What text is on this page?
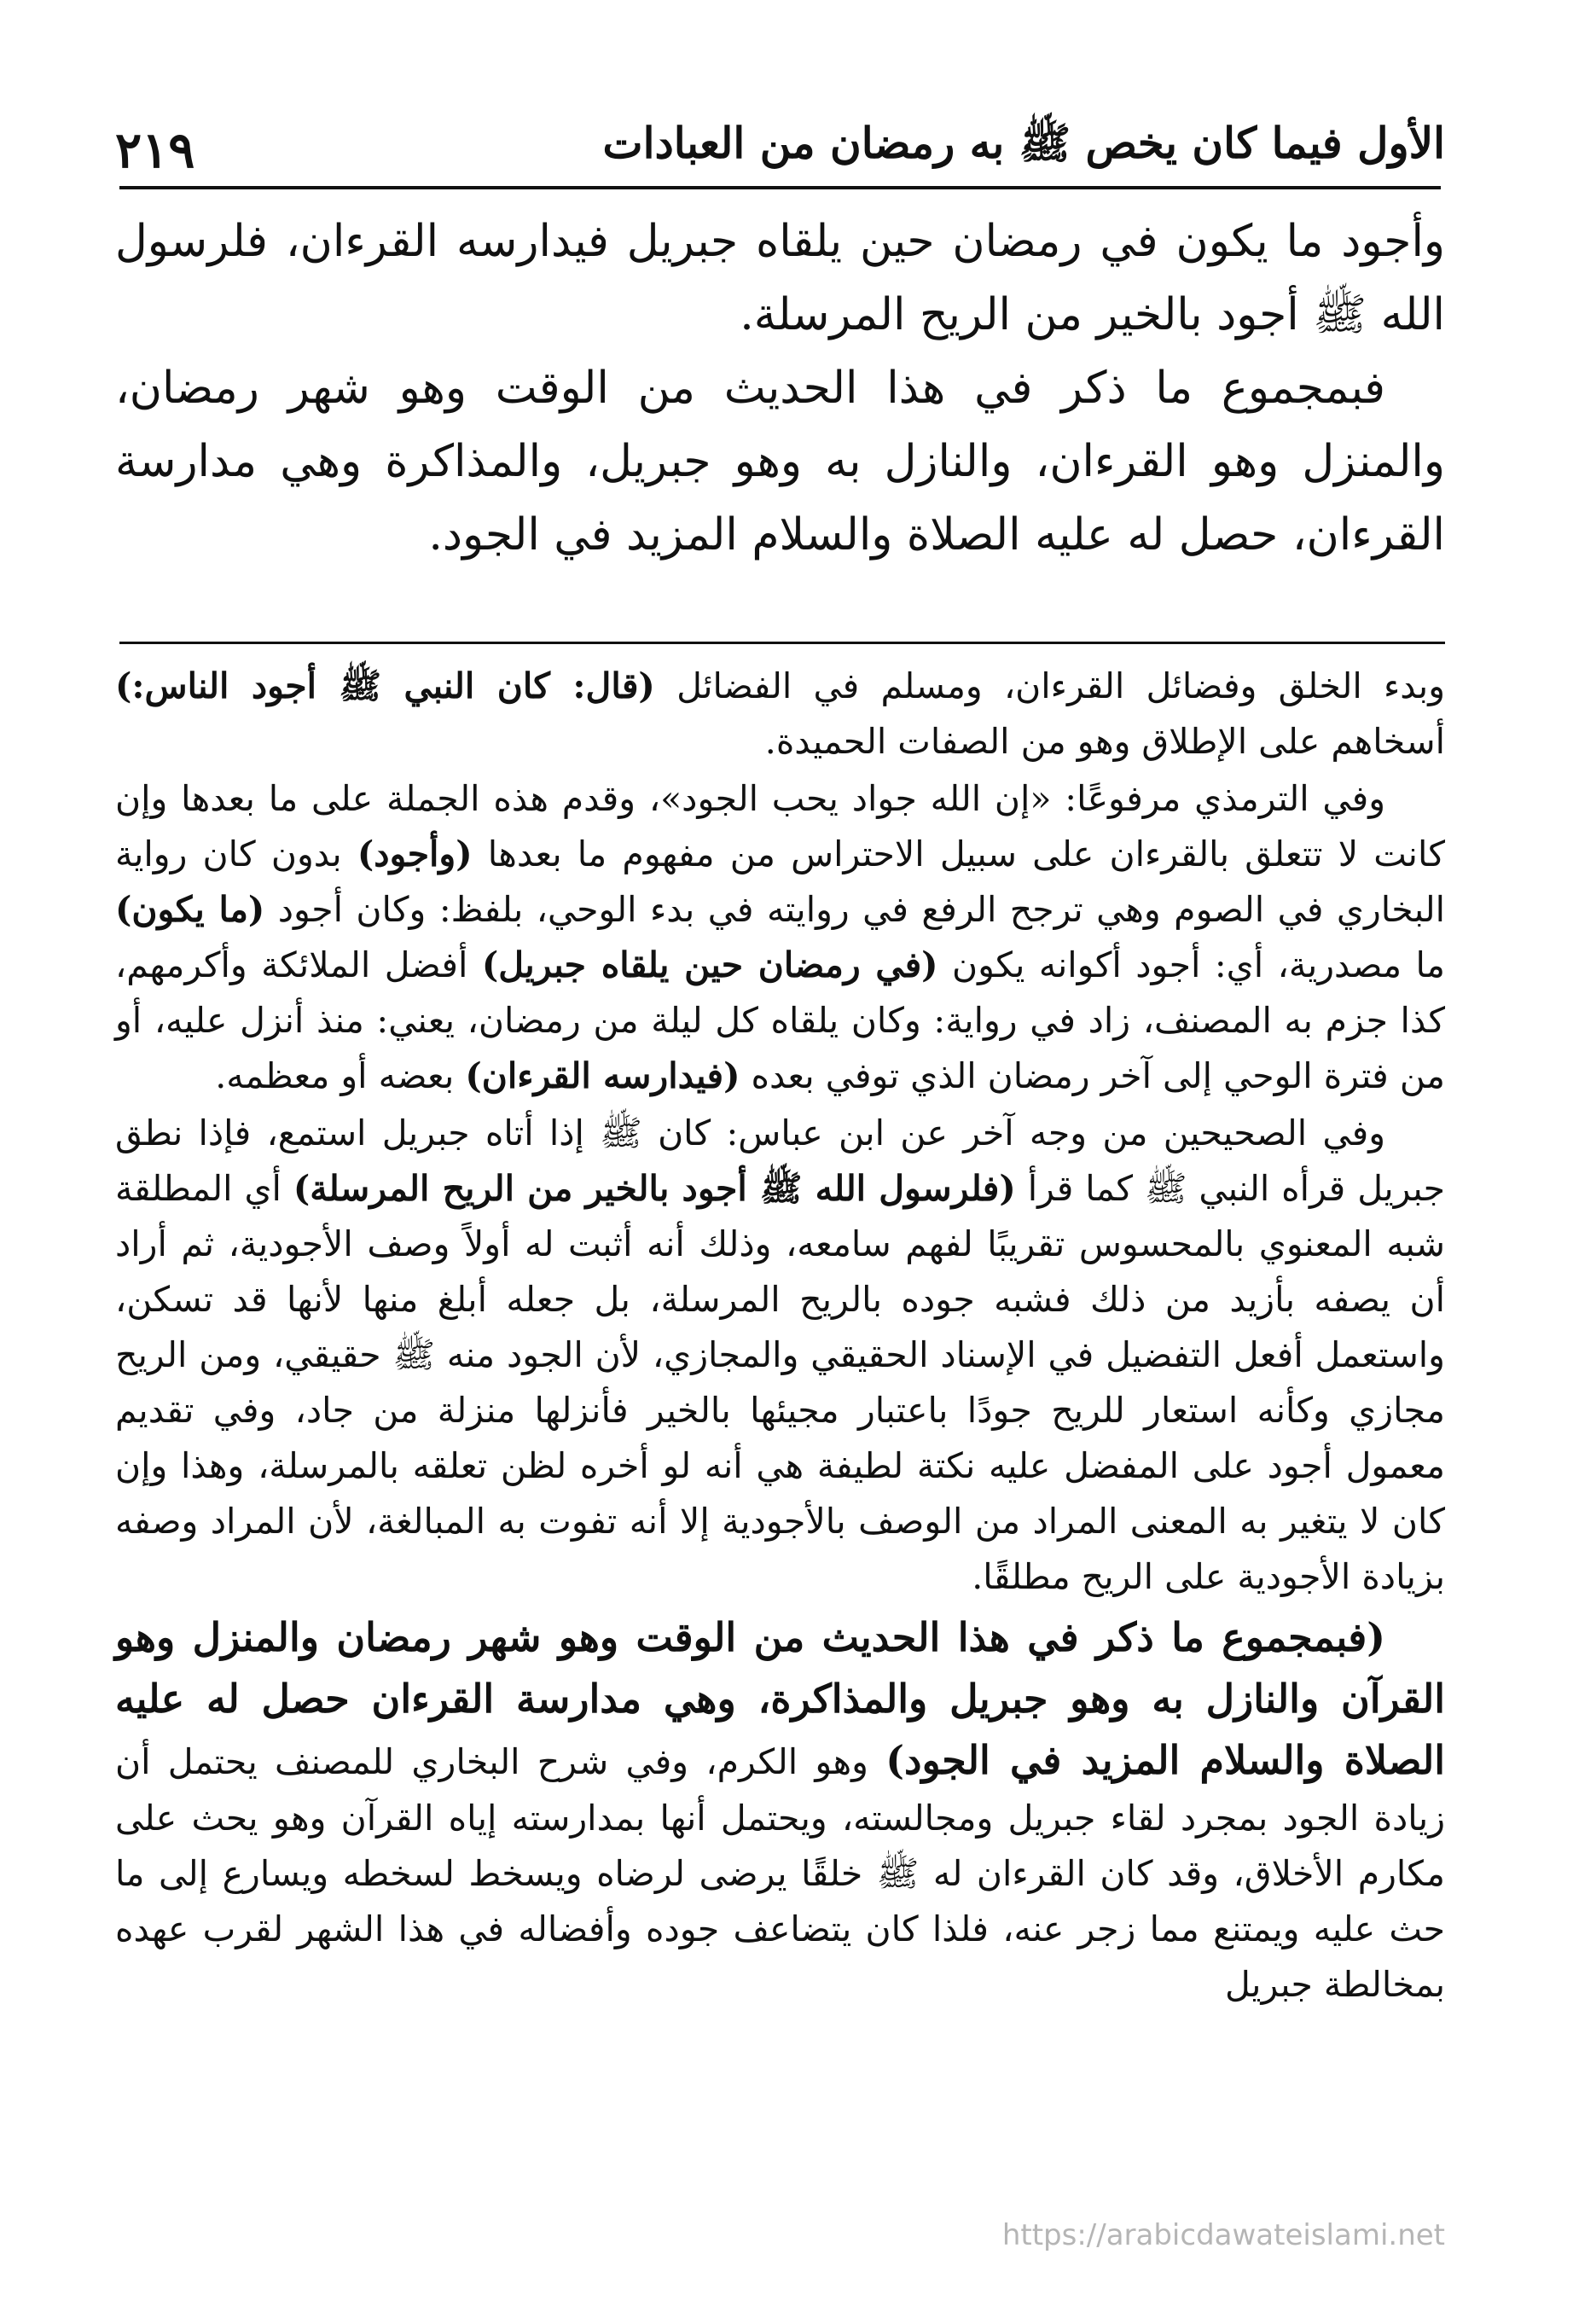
الأول فيما كان يخص ﷺ به رمضان من العبادات
٢١٩

وأجود ما يكون في رمضان حين يلقاه جبريل فيدارسه القرءان، فلرسول الله ﷺ أجود بالخير من الريح المرسلة.

فبمجموع ما ذكر في هذا الحديث من الوقت وهو شهر رمضان، والمنزل وهو القرءان، والنازل به وهو جبريل، والمذاكرة وهي مدارسة القرءان، حصل له عليه الصلاة والسلام المزيد في الجود.

وبدء الخلق وفضائل القرءان، ومسلم في الفضائل (قال: كان النبي ﷺ أجود الناس:) أسخاهم على الإطلاق وهو من الصفات الحميدة.

وفي الترمذي مرفوعًا: «إن الله جواد يحب الجود»، وقدم هذه الجملة على ما بعدها وإن كانت لا تتعلق بالقرءان على سبيل الاحتراس من مفهوم ما بعدها (وأجود) بدون كان رواية البخاري في الصوم وهي ترجح الرفع في روايته في بدء الوحي، بلفظ: وكان أجود (ما يكون) ما مصدرية، أي: أجود أكوانه يكون (في رمضان حين يلقاه جبريل) أفضل الملائكة وأكرمهم، كذا جزم به المصنف، زاد في رواية: وكان يلقاه كل ليلة من رمضان، يعني: منذ أنزل عليه، أو من فترة الوحي إلى آخر رمضان الذي توفي بعده (فيدارسه القرءان) بعضه أو معظمه.

وفي الصحيحين من وجه آخر عن ابن عباس: كان ﷺ إذا أتاه جبريل استمع، فإذا نطق جبريل قرأه النبي ﷺ كما قرأ (فلرسول الله ﷺ أجود بالخير من الريح المرسلة) أي المطلقة شبه المعنوي بالمحسوس تقريبًا لفهم سامعه، وذلك أنه أثبت له أولاً وصف الأجودية، ثم أراد أن يصفه بأزيد من ذلك فشبه جوده بالريح المرسلة، بل جعله أبلغ منها لأنها قد تسكن، واستعمل أفعل التفضيل في الإسناد الحقيقي والمجازي، لأن الجود منه ﷺ حقيقي، ومن الريح مجازي وكأنه استعار للريح جودًا باعتبار مجيئها بالخير فأنزلها منزلة من جاد، وفي تقديم معمول أجود على المفضل عليه نكتة لطيفة هي أنه لو أخره لظن تعلقه بالمرسلة، وهذا وإن كان لا يتغير به المعنى المراد من الوصف بالأجودية إلا أنه تفوت به المبالغة، لأن المراد وصفه بزيادة الأجودية على الريح مطلقًا.

(فبمجموع ما ذكر في هذا الحديث من الوقت وهو شهر رمضان والمنزل وهو القرآن والنازل به وهو جبريل والمذاكرة، وهي مدارسة القرءان حصل له عليه الصلاة والسلام المزيد في الجود) وهو الكرم، وفي شرح البخاري للمصنف يحتمل أن زيادة الجود بمجرد لقاء جبريل ومجالسته، ويحتمل أنها بمدارسته إياه القرآن وهو يحث على مكارم الأخلاق، وقد كان القرءان له ﷺ خلقًا يرضى لرضاه ويسخط لسخطه ويسارع إلى ما حث عليه ويمتنع مما زجر عنه، فلذا كان يتضاعف جوده وأفضاله في هذا الشهر لقرب عهده بمخالطة جبريل

https://arabicdawateislami.net
